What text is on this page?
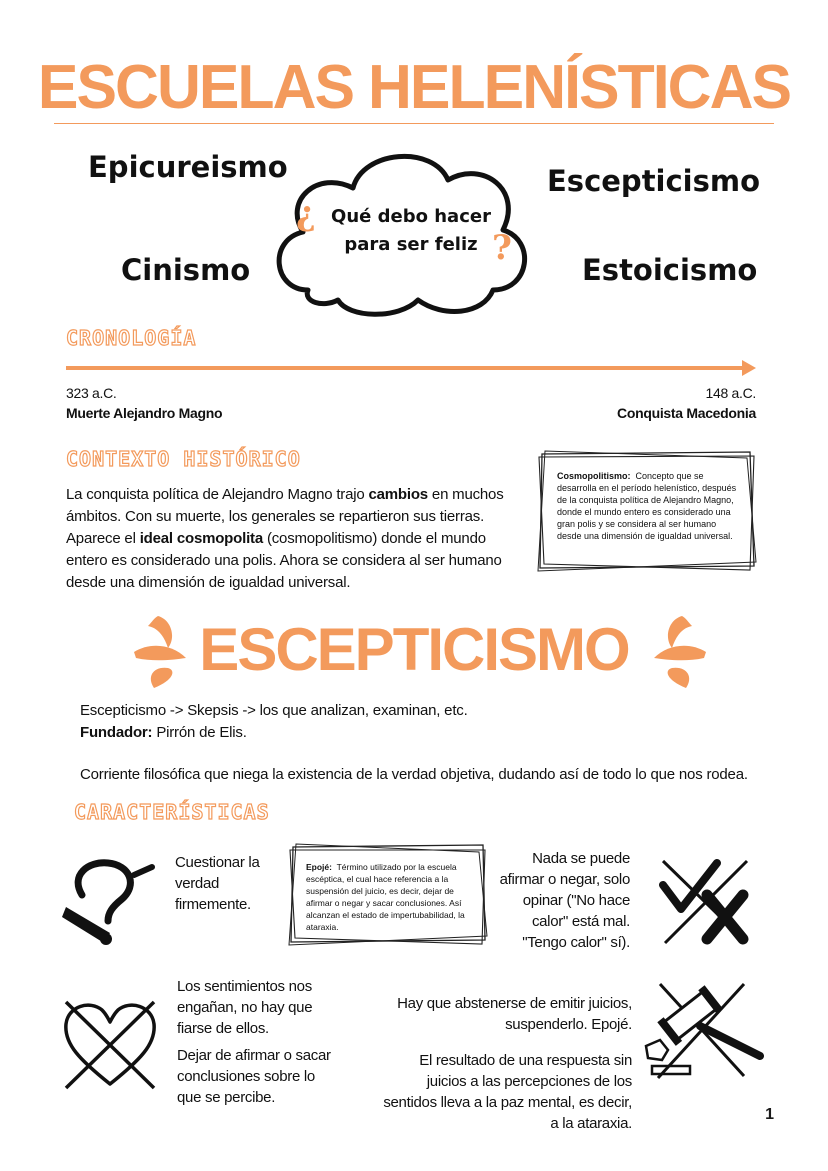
ESCUELAS HELENÍSTICAS
Epicureismo	Escepticismo
Cinismo	Estoicismo
¿ Qué debo hacer
para ser feliz ?
CRONOLOGÍA
323 a.C.
Muerte Alejandro Magno
148 a.C.
Conquista Macedonia
CONTEXTO HISTÓRICO

La conquista política de Alejandro Magno trajo cambios en muchos ámbitos. Con su muerte, los generales se repartieron sus tierras. Aparece el ideal cosmopolita (cosmopolitismo) donde el mundo entero es considerado una polis. Ahora se considera al ser humano desde una dimensión de igualdad universal.

Cosmopolitismo: Concepto que se desarrolla en el período helenístico, después de la conquista política de Alejandro Magno, donde el mundo entero es considerado una gran polis y se considera al ser humano desde una dimensión de igualdad universal.

ESCEPTICISMO
Escepticismo -> Skepsis -> los que analizan, examinan, etc.
Fundador: Pirrón de Elis.
Corriente filosófica que niega la existencia de la verdad objetiva, dudando así de todo lo que nos rodea.
CARACTERÍSTICAS
Cuestionar la verdad firmemente.

Epojé: Término utilizado por la escuela escéptica, el cual hace referencia a la suspensión del juicio, es decir, dejar de afirmar o negar y sacar conclusiones. Así alcanzan el estado de impertubabilidad, la ataraxia.

Nada se puede afirmar o negar, solo opinar ("No hace calor" está mal. "Tengo calor" sí).
Los sentimientos nos engañan, no hay que fiarse de ellos.
Dejar de afirmar o sacar conclusiones sobre lo que se percibe.
Hay que abstenerse de emitir juicios, suspenderlo. Epojé.
El resultado de una respuesta sin juicios a las percepciones de los sentidos lleva a la paz mental, es decir, a la ataraxia.
1
